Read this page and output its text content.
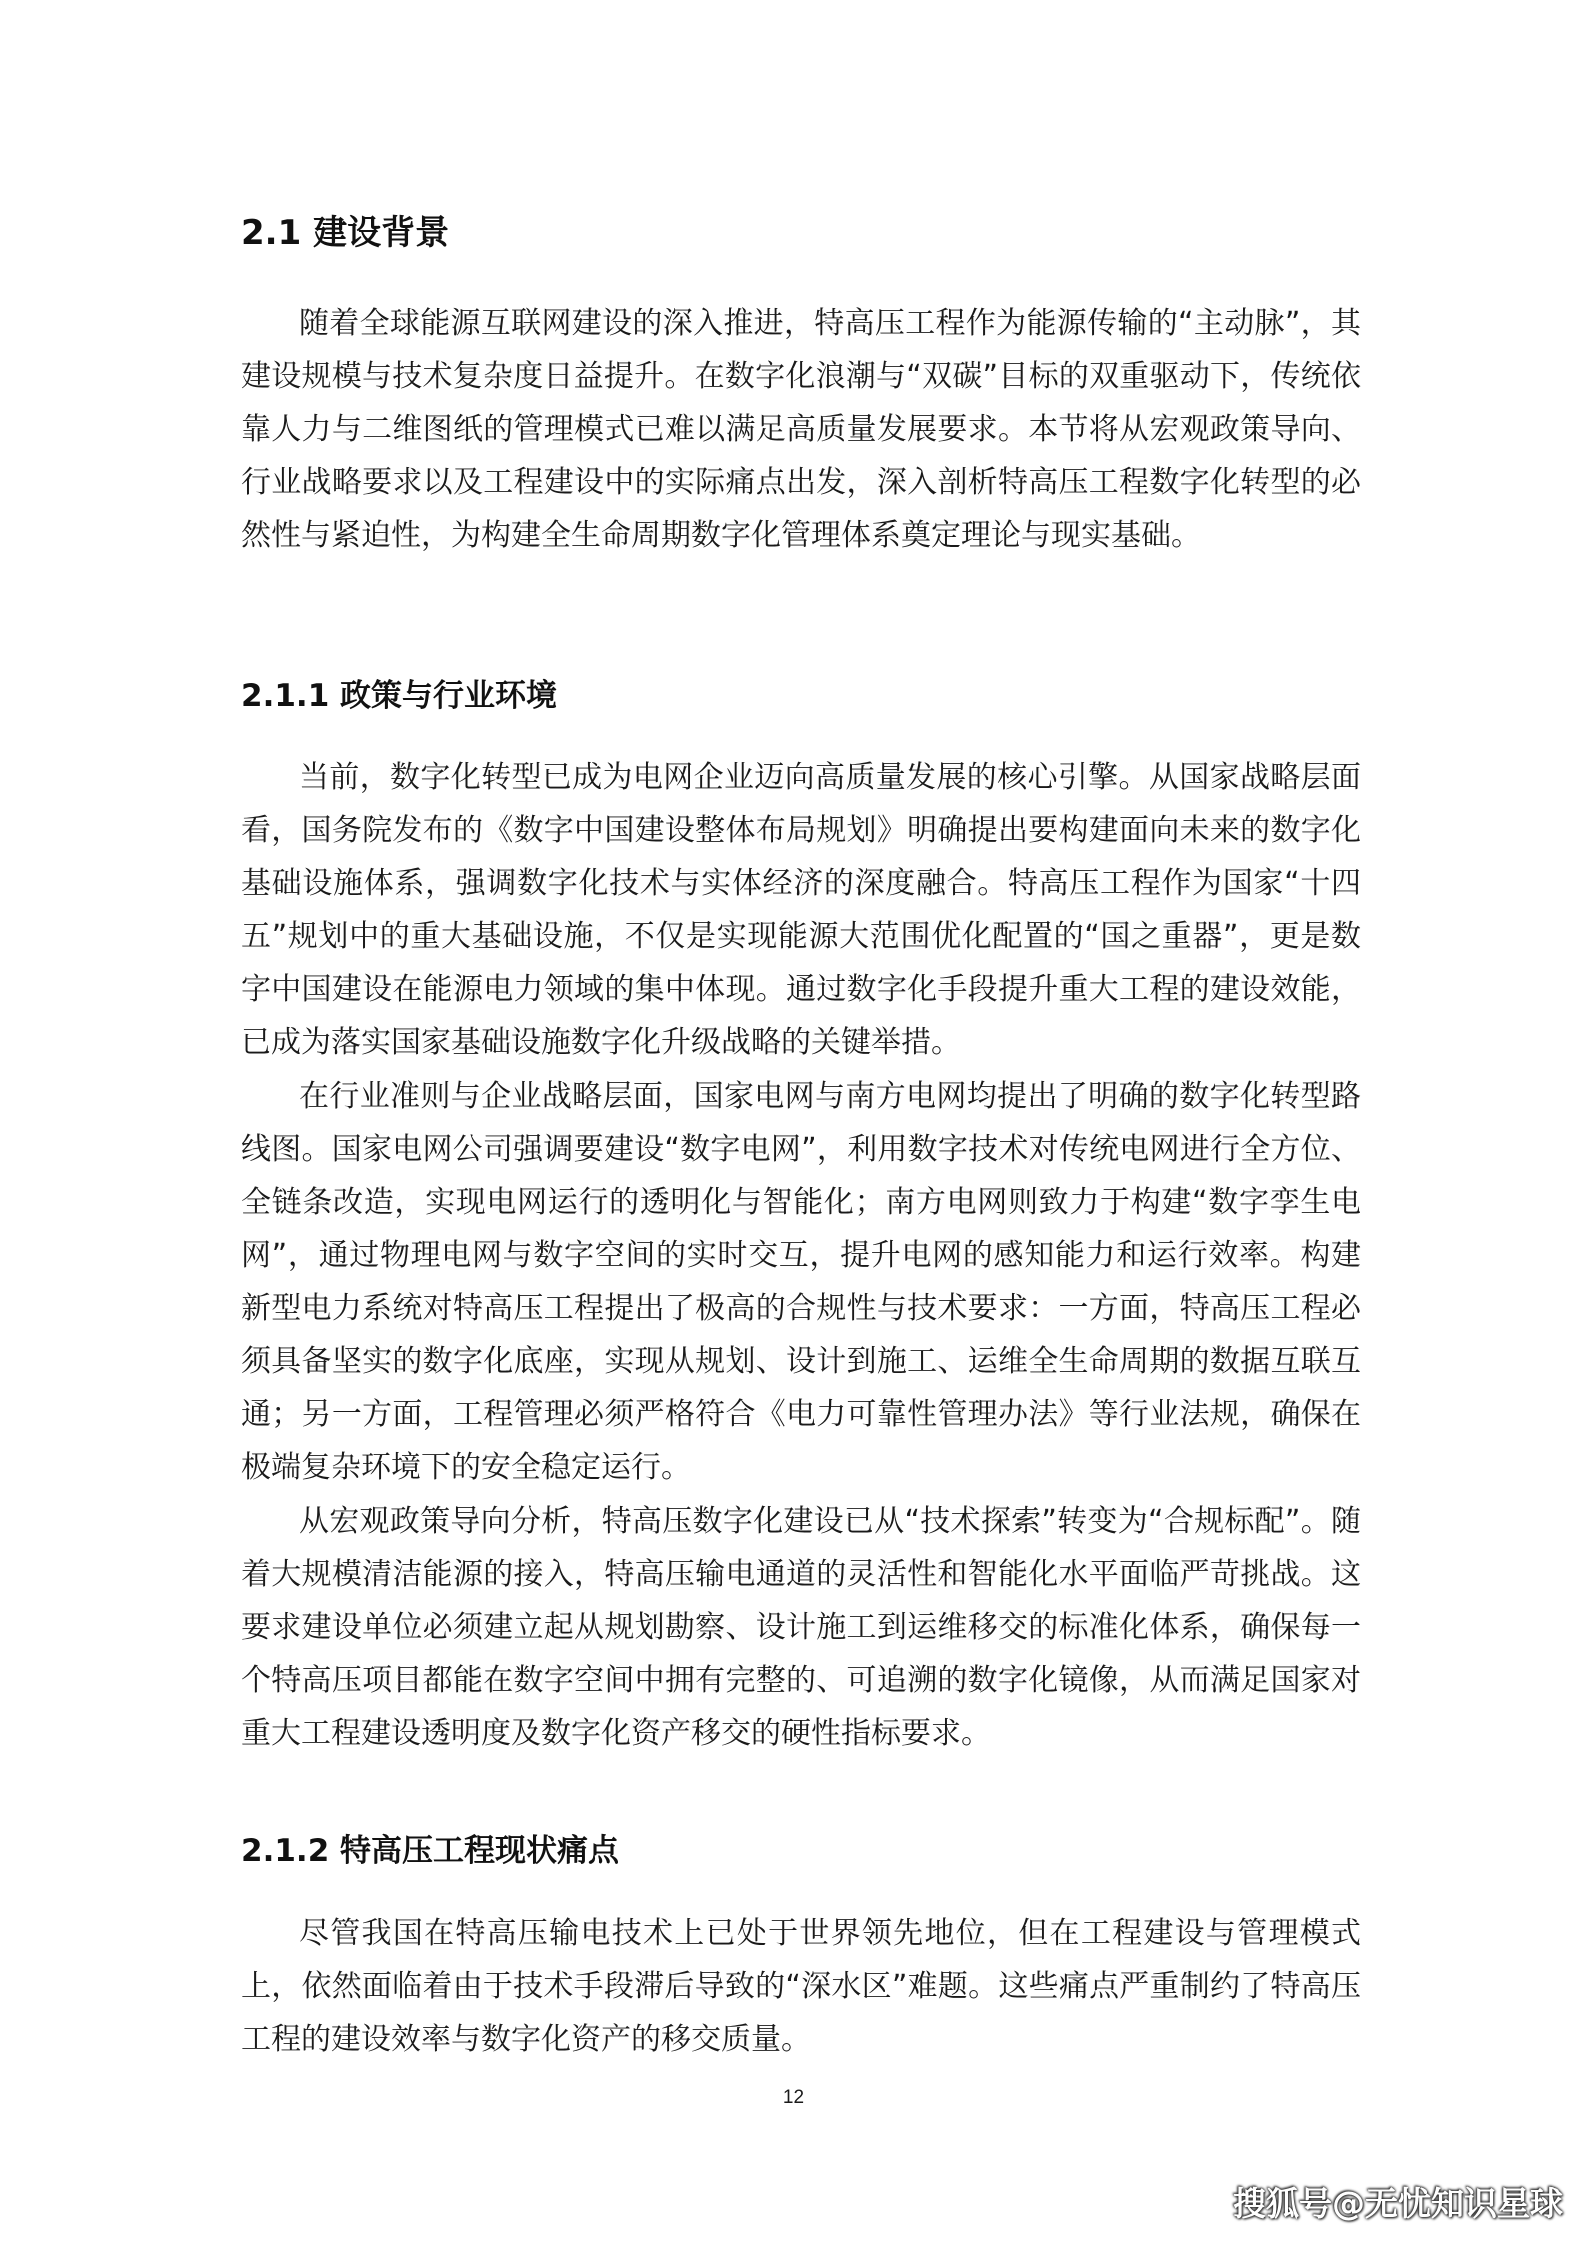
2.1 建设背景

随着全球能源互联网建设的深入推进，特高压工程作为能源传输的“主动脉”，其建设规模与技术复杂度日益提升。在数字化浪潮与“双碳”目标的双重驱动下，传统依靠人力与二维图纸的管理模式已难以满足高质量发展要求。本节将从宏观政策导向、行业战略要求以及工程建设中的实际痛点出发，深入剖析特高压工程数字化转型的必然性与紧迫性，为构建全生命周期数字化管理体系奠定理论与现实基础。

2.1.1 政策与行业环境

当前，数字化转型已成为电网企业迈向高质量发展的核心引擎。从国家战略层面看，国务院发布的《数字中国建设整体布局规划》明确提出要构建面向未来的数字化基础设施体系，强调数字化技术与实体经济的深度融合。特高压工程作为国家“十四五”规划中的重大基础设施，不仅是实现能源大范围优化配置的“国之重器”，更是数字中国建设在能源电力领域的集中体现。通过数字化手段提升重大工程的建设效能，已成为落实国家基础设施数字化升级战略的关键举措。

在行业准则与企业战略层面，国家电网与南方电网均提出了明确的数字化转型路线图。国家电网公司强调要建设“数字电网”，利用数字技术对传统电网进行全方位、全链条改造，实现电网运行的透明化与智能化；南方电网则致力于构建“数字孪生电网”，通过物理电网与数字空间的实时交互，提升电网的感知能力和运行效率。构建新型电力系统对特高压工程提出了极高的合规性与技术要求：一方面，特高压工程必须具备坚实的数字化底座，实现从规划、设计到施工、运维全生命周期的数据互联互通；另一方面，工程管理必须严格符合《电力可靠性管理办法》等行业法规，确保在极端复杂环境下的安全稳定运行。

从宏观政策导向分析，特高压数字化建设已从“技术探索”转变为“合规标配”。随着大规模清洁能源的接入，特高压输电通道的灵活性和智能化水平面临严苛挑战。这要求建设单位必须建立起从规划勘察、设计施工到运维移交的标准化体系，确保每一个特高压项目都能在数字空间中拥有完整的、可追溯的数字化镜像，从而满足国家对重大工程建设透明度及数字化资产移交的硬性指标要求。

2.1.2 特高压工程现状痛点

尽管我国在特高压输电技术上已处于世界领先地位，但在工程建设与管理模式上，依然面临着由于技术手段滞后导致的“深水区”难题。这些痛点严重制约了特高压工程的建设效率与数字化资产的移交质量。

12
搜狐号@无忧知识星球
